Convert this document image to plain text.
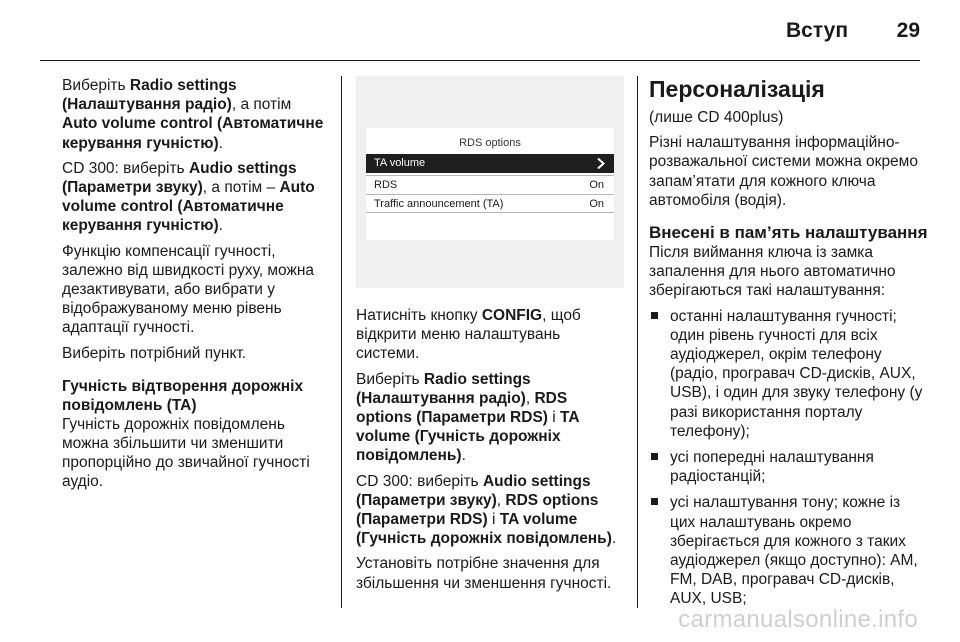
Вступ 29

Виберіть Radio settings (Налаштування радіо), а потім Auto volume control (Автоматичне керування гучністю).

CD 300: виберіть Audio settings (Параметри звуку), а потім – Auto volume control (Автоматичне керування гучністю).

Функцію компенсації гучності, залежно від швидкості руху, можна дезактивувати, або вибрати у відображуваному меню рівень адаптації гучності.

Виберіть потрібний пункт.

Гучність відтворення дорожніх повідомлень (TA)

Гучність дорожніх повідомлень можна збільшити чи зменшити пропорційно до звичайної гучності аудіо.

RDS options
TA volume
RDS	On
Traffic announcement (TA)	On

Натисніть кнопку CONFIG, щоб відкрити меню налаштувань системи.

Виберіть Radio settings (Налаштування радіо), RDS options (Параметри RDS) і TA volume (Гучність дорожніх повідомлень).

CD 300: виберіть Audio settings (Параметри звуку), RDS options (Параметри RDS) і TA volume (Гучність дорожніх повідомлень).

Установіть потрібне значення для збільшення чи зменшення гучності.

Персоналізація

(лише CD 400plus)

Різні налаштування інформаційно-розважальної системи можна окремо запам’ятати для кожного ключа автомобіля (водія).

Внесені в пам’ять налаштування

Після виймання ключа із замка запалення для нього автоматично зберігаються такі налаштування:

останні налаштування гучності; один рівень гучності для всіх аудіоджерел, окрім телефону (радіо, програвач CD-дисків, AUX, USB), і один для звуку телефону (у разі використання порталу телефону);
усі попередні налаштування радіостанцій;
усі налаштування тону; кожне із цих налаштувань окремо зберігається для кожного з таких аудіоджерел (якщо доступно): AM, FM, DAB, програвач CD-дисків, AUX, USB;
carmanualsonline.info
